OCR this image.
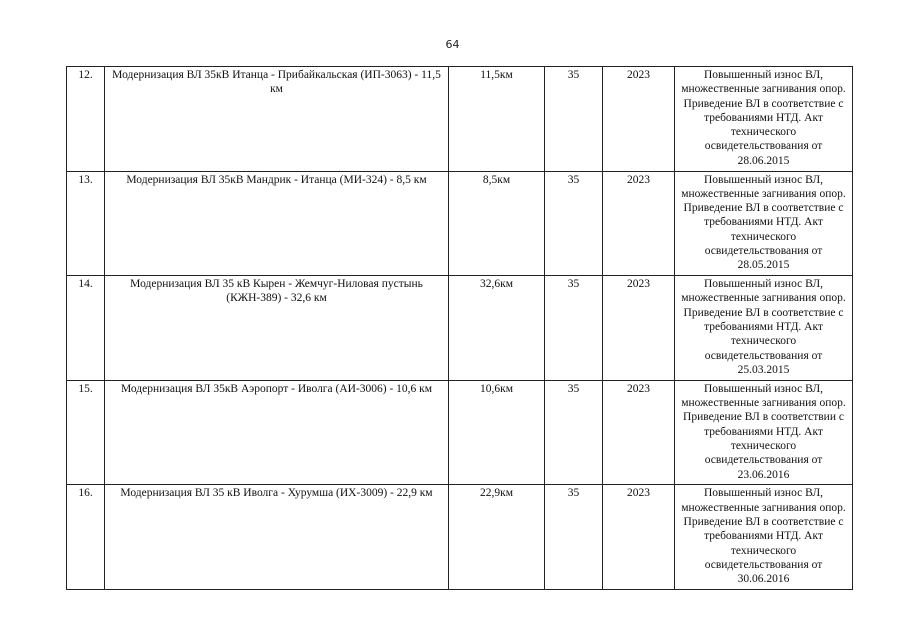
64
12.	Модернизация ВЛ 35кВ Итанца - Прибайкальская (ИП-3063) - 11,5 км	11,5км	35	2023	Повышенный износ ВЛ, множественные загнивания опор. Приведение ВЛ в соответствие с требованиями НТД. Акт технического освидетельствования от 28.06.2015
13.	Модернизация ВЛ 35кВ Мандрик - Итанца (МИ-324) - 8,5 км	8,5км	35	2023	Повышенный износ ВЛ, множественные загнивания опор. Приведение ВЛ в соответствие с требованиями НТД. Акт технического освидетельствования от 28.05.2015
14.	Модернизация ВЛ 35 кВ Кырен - Жемчуг-Ниловая пустынь (КЖН-389) - 32,6 км	32,6км	35	2023	Повышенный износ ВЛ, множественные загнивания опор. Приведение ВЛ в соответствие с требованиями НТД. Акт технического освидетельствования от 25.03.2015
15.	Модернизация ВЛ 35кВ Аэропорт - Иволга (АИ-3006) - 10,6 км	10,6км	35	2023	Повышенный износ ВЛ, множественные загнивания опор. Приведение ВЛ в соответствии с требованиями НТД. Акт технического освидетельствования от 23.06.2016
16.	Модернизация ВЛ 35 кВ Иволга - Хурумша (ИХ-3009) - 22,9 км	22,9км	35	2023	Повышенный износ ВЛ, множественные загнивания опор. Приведение ВЛ в соответствие с требованиями НТД. Акт технического освидетельствования от 30.06.2016
